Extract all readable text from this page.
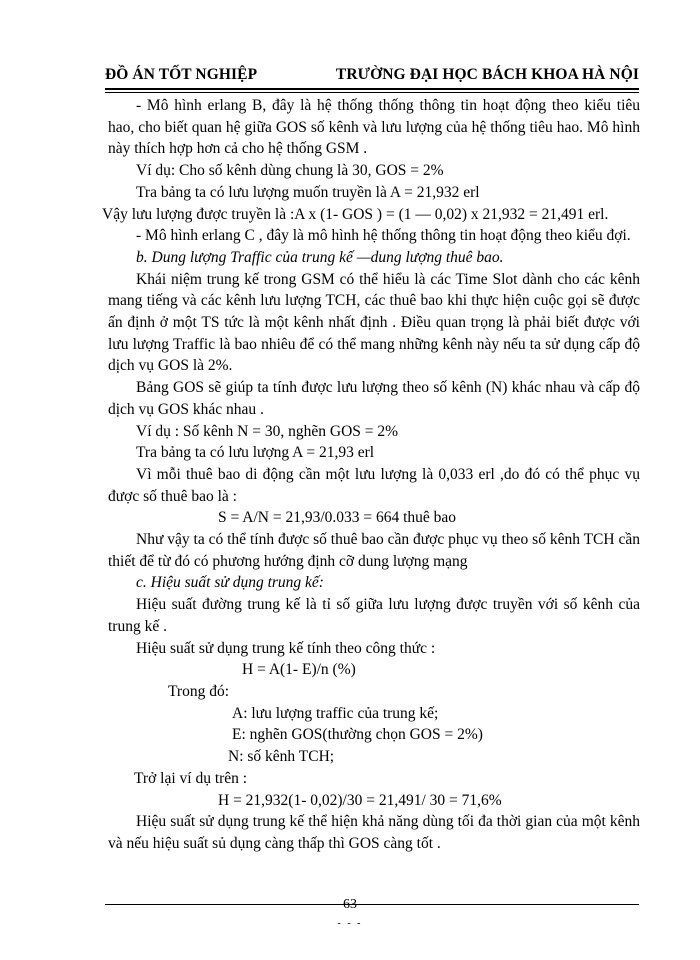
ĐỒ ÁN TỐT NGHIỆP	TRƯỜNG ĐẠI HỌC BÁCH KHOA HÀ NỘI

- Mô hình erlang B, đây là hệ thống thống thông tin hoạt động theo kiểu tiêu hao, cho biết quan hệ giữa GOS số kênh và lưu lượng của hệ thống tiêu hao. Mô hình này thích hợp hơn cả cho hệ thống GSM .

Ví dụ: Cho số kênh dùng chung là 30, GOS = 2%

Tra bảng ta có lưu lượng muốn truyền là A = 21,932 erl

Vậy lưu lượng được truyền là :A x (1- GOS ) = (1 — 0,02) x 21,932 = 21,491 erl.

- Mô hình erlang C , đây là mô hình hệ thống thông tin hoạt động theo kiểu đợi.

b. Dung lượng Traffic của trung kế —dung lượng thuê bao.

Khái niệm trung kế trong GSM có thể hiểu là các Time Slot dành cho các kênh mang tiếng và các kênh lưu lượng TCH, các thuê bao khi thực hiện cuộc gọi sẽ được ấn định ở một TS tức là một kênh nhất định . Điều quan trọng là phải biết được với lưu lượng Traffic là bao nhiêu để có thể mang những kênh này nếu ta sử dụng cấp độ dịch vụ GOS là 2%.

Bảng GOS sẽ giúp ta tính được lưu lượng theo số kênh (N) khác nhau và cấp độ dịch vụ GOS khác nhau .

Ví dụ : Số kênh N = 30, nghẽn GOS = 2%

Tra bảng ta có lưu lượng A = 21,93 erl

Vì mỗi thuê bao di động cần một lưu lượng là 0,033 erl ,do đó có thể phục vụ được số thuê bao là :

S = A/N = 21,93/0.033 = 664 thuê bao

Như vậy ta có thể tính được số thuê bao cần được phục vụ theo số kênh TCH cần thiết để từ đó có phương hướng định cỡ dung lượng mạng

c. Hiệu suất sử dụng trung kế:

Hiệu suất đường trung kế là tỉ số giữa lưu lượng được truyền với số kênh của trung kế .

Hiệu suất sử dụng trung kế tính theo công thức :

H = A(1- E)/n (%)

Trong đó:

A: lưu lượng traffic của trung kế;

E: nghẽn GOS(thường chọn GOS = 2%)

N: số kênh TCH;

Trở lại ví dụ trên :

H = 21,932(1- 0,02)/30 = 21,491/ 30 = 71,6%

Hiệu suất sử dụng trung kế thể hiện khả năng dùng tối đa thời gian của một kênh và nếu hiệu suất sủ dụng càng thấp thì GOS càng tốt .

63
- - -
